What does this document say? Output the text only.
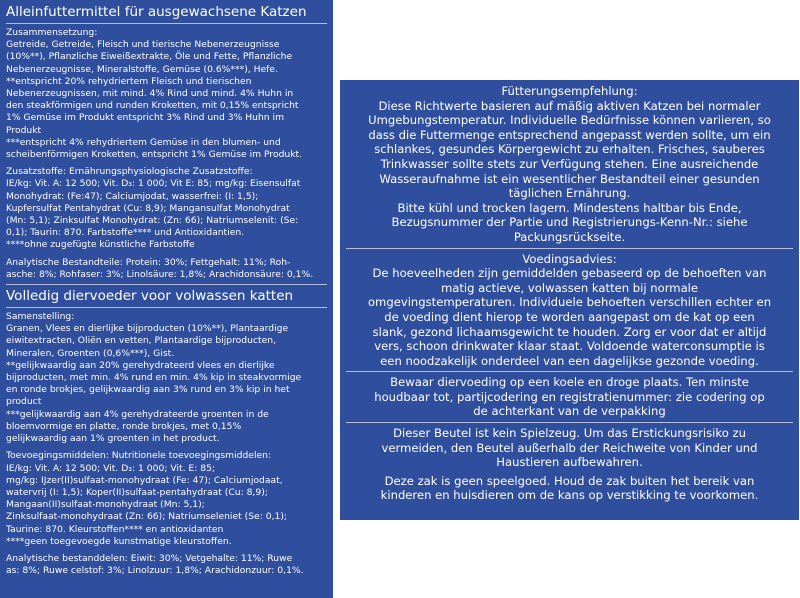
Alleinfuttermittel für ausgewachsene Katzen

Zusammensetzung:
Getreide, Getreide, Fleisch und tierische Nebenerzeugnisse
(10%**), Pflanzliche Eiweißextrakte, Öle und Fette, Pflanzliche
Nebenerzeugnisse, Mineralstoffe, Gemüse (0.6%***), Hefe.
**entspricht 20% rehydriertem Fleisch und tierischen
Nebenerzeugnissen, mit mind. 4% Rind und mind. 4% Huhn in
den steakförmigen und runden Kroketten, mit 0,15% entspricht
1% Gemüse im Produkt entspricht 3% Rind und 3% Huhn im
Produkt
***entspricht 4% rehydriertem Gemüse in den blumen- und
scheibenförmigen Kroketten, entspricht 1% Gemüse im Produkt.

Zusatzstoffe: Ernährungsphysiologische Zusatzstoffe:
IE/kg: Vit. A: 12 500; Vit. D₃: 1 000; Vit E: 85; mg/kg: Eisensulfat
Monohydrat: (Fe:47); Calciumjodat, wasserfrei: (I: 1,5);
Kupfersulfat Pentahydrat (Cu: 8,9); Mangansulfat Monohydrat
(Mn: 5,1); Zinksulfat Monohydrat: (Zn: 66); Natriumselenit: (Se:
0,1); Taurin: 870. Farbstoffe**** und Antioxidantien.
****ohne zugefügte künstliche Farbstoffe

Analytische Bestandteile: Protein: 30%; Fettgehalt: 11%; Roh-
asche: 8%; Rohfaser: 3%; Linolsäure: 1,8%; Arachidonsäure: 0,1%.

Volledig diervoeder voor volwassen katten

Samenstelling:
Granen, Vlees en dierlijke bijproducten (10%**), Plantaardige
eiwitextracten, Oliën en vetten, Plantaardige bijproducten,
Mineralen, Groenten (0,6%***), Gist.
**gelijkwaardig aan 20% gerehydrateerd vlees en dierlijke
bijproducten, met min. 4% rund en min. 4% kip in steakvormige
en ronde brokjes, gelijkwaardig aan 3% rund en 3% kip in het
product
***gelijkwaardig aan 4% gerehydrateerde groenten in de
bloemvormige en platte, ronde brokjes, met 0,15%
gelijkwaardig aan 1% groenten in het product.

Toevoegingsmiddelen: Nutritionele toevoegingsmiddelen:
IE/kg: Vit. A: 12 500; Vit. D₃: 1 000; Vit. E: 85;
mg/kg: IJzer(II)sulfaat-monohydraat (Fe: 47); Calciumjodaat,
watervrij (I: 1,5); Koper(II)sulfaat-pentahydraat (Cu: 8,9);
Mangaan(II)sulfaat-monohydraat (Mn: 5,1);
Zinksulfaat-monohydraat (Zn: 66); Natriumseleniet (Se: 0,1);
Taurine: 870. Kleurstoffen**** en antioxidanten
****geen toegevoegde kunstmatige kleurstoffen.

Analytische bestanddelen: Eiwit: 30%; Vetgehalte: 11%; Ruwe
as: 8%; Ruwe celstof: 3%; Linolzuur: 1,8%; Arachidonzuur: 0,1%.

Fütterungsempfehlung:
Diese Richtwerte basieren auf mäßig aktiven Katzen bei normaler
Umgebungstemperatur. Individuelle Bedürfnisse können variieren, so
dass die Futtermenge entsprechend angepasst werden sollte, um ein
schlankes, gesundes Körpergewicht zu erhalten. Frisches, sauberes
Trinkwasser sollte stets zur Verfügung stehen. Eine ausreichende
Wasseraufnahme ist ein wesentlicher Bestandteil einer gesunden
täglichen Ernährung.

Bitte kühl und trocken lagern. Mindestens haltbar bis Ende,
Bezugsnummer der Partie und Registrierungs-Kenn-Nr.: siehe
Packungsrückseite.

Voedingsadvies:
De hoeveelheden zijn gemiddelden gebaseerd op de behoeften van
matig actieve, volwassen katten bij normale
omgevingstemperaturen. Individuele behoeften verschillen echter en
de voeding dient hierop te worden aangepast om de kat op een
slank, gezond lichaamsgewicht te houden. Zorg er voor dat er altijd
vers, schoon drinkwater klaar staat. Voldoende waterconsumptie is
een noodzakelijk onderdeel van een dagelijkse gezonde voeding.

Bewaar diervoeding op een koele en droge plaats. Ten minste
houdbaar tot, partijcodering en registratienummer: zie codering op
de achterkant van de verpakking

Dieser Beutel ist kein Spielzeug. Um das Erstickungsrisiko zu
vermeiden, den Beutel außerhalb der Reichweite von Kinder und
Haustieren aufbewahren.

Deze zak is geen speelgoed. Houd de zak buiten het bereik van
kinderen en huisdieren om de kans op verstikking te voorkomen.
